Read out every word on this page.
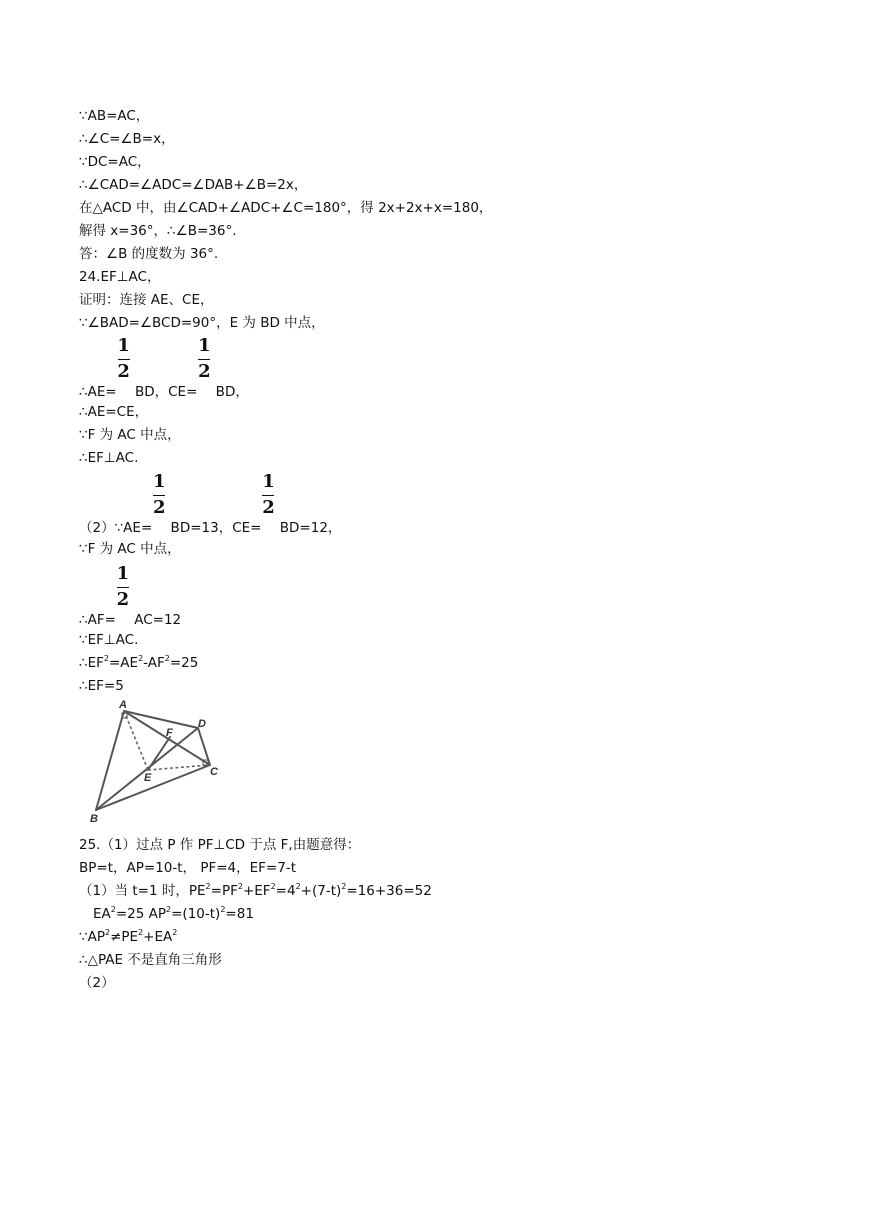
∵AB=AC，
∴∠C=∠B=x，
∵DC=AC，
∴∠CAD=∠ADC=∠DAB+∠B=2x，
在△ACD 中，由∠CAD+∠ADC+∠C=180°，得 2x+2x+x=180，
解得 x=36°，∴∠B=36°.
答：∠B 的度数为 36°.
24.EF⊥AC，
证明：连接 AE、CE，
∵∠BAD=∠BCD=90°，E 为 BD 中点，
∴AE= $\frac{1}{2}$ BD，$CE= \frac{1}{2}$ BD，
∴AE=CE，
∵F 为 AC 中点，
∴EF⊥AC.
（2）∵AE= $\frac{1}{2} BD=13$，$CE= \frac{1}{2} BD=12$，
∵F 为 AC 中点，
∴AF= $\frac{1}{2} AC=12$
∵EF⊥AC.
$\therefore EF^2=AE^2-AF^2=25$
∴EF=5
A
D
F
E	C
B
25.（1）过点 P 作 PF⊥CD 于点 F,由题意得：
BP=t，AP=10-t， PF=4，EF=7-t
（1）当 t=1 时，$PE^2=PF^2+EF^2=4^2+(7-t)^2=16+36=52$
$EA^2=25$ $AP^2=(10-t)^2=81$
$\because AP^2\ne PE^2+EA^2$
∴△PAE 不是直角三角形
（2）
